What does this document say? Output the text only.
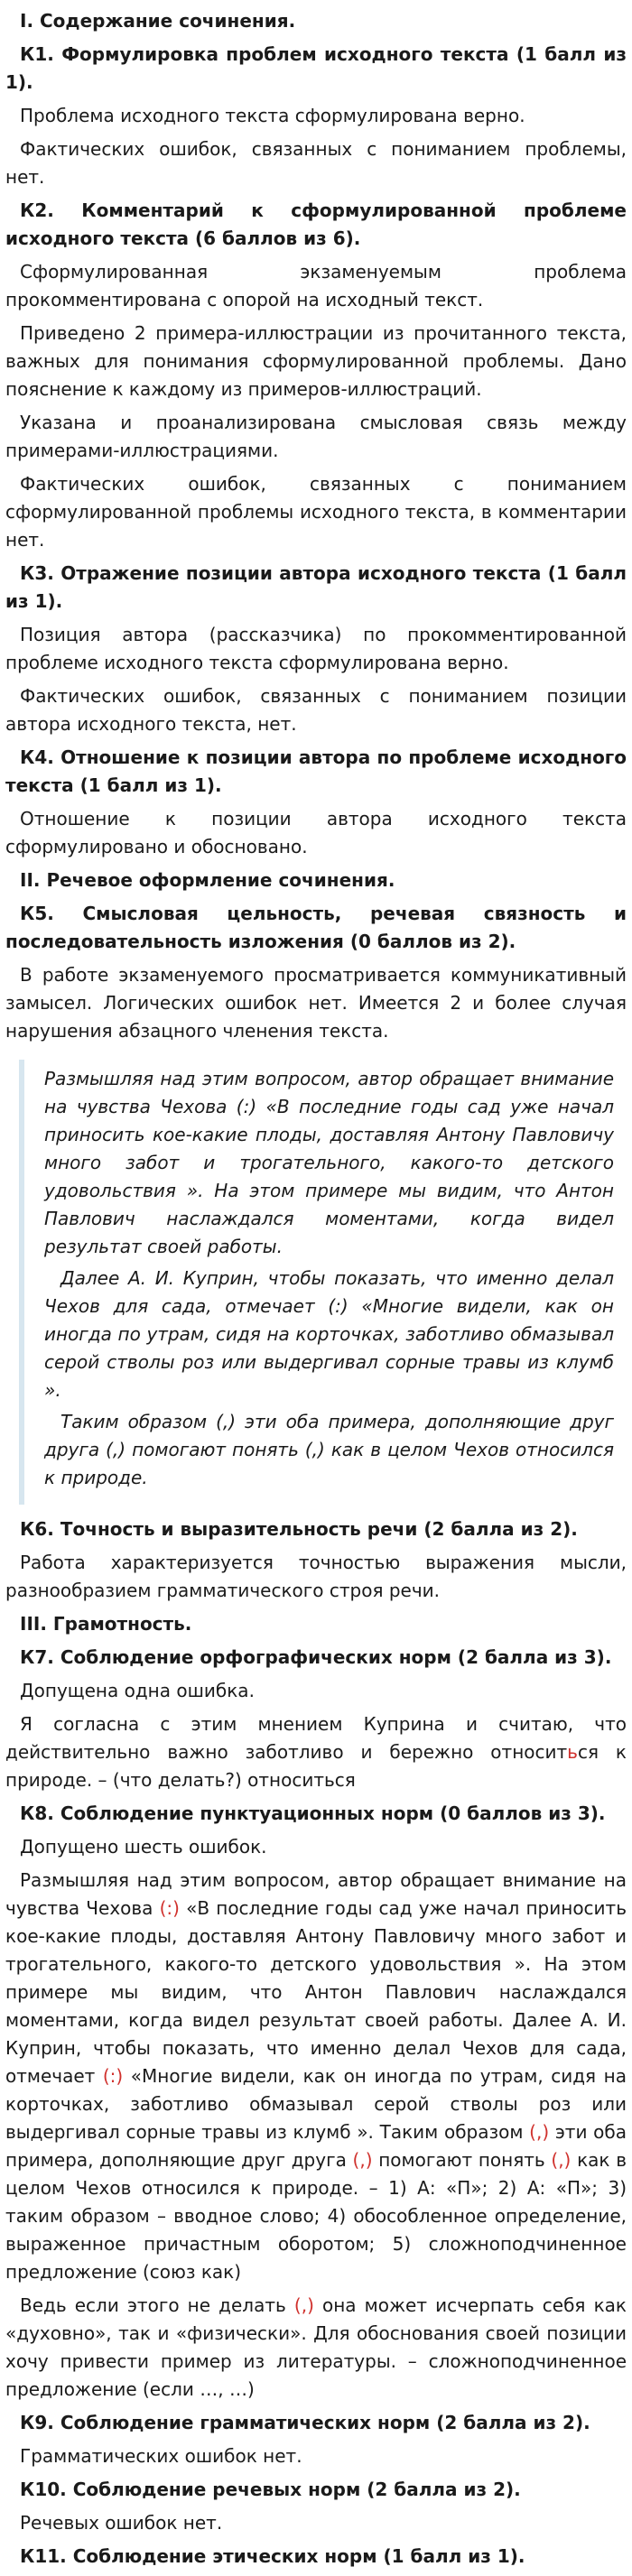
I. Содержание сочинения.
К1. Формулировка проблем исходного текста (1 балл из 1).
Проблема исходного текста сформулирована верно.
Фактических ошибок, связанных с пониманием проблемы, нет.
К2. Комментарий к сформулированной проблеме исходного текста (6 баллов из 6).
Сформулированная экзаменуемым проблема прокомментирована с опорой на исходный текст.
Приведено 2 примера-иллюстрации из прочитанного текста, важных для понимания сформулированной проблемы. Дано пояснение к каждому из примеров-иллюстраций.
Указана и проанализирована смысловая связь между примерами-иллюстрациями.
Фактических ошибок, связанных с пониманием сформулированной проблемы исходного текста, в комментарии нет.
К3. Отражение позиции автора исходного текста (1 балл из 1).
Позиция автора (рассказчика) по прокомментированной проблеме исходного текста сформулирована верно.
Фактических ошибок, связанных с пониманием позиции автора исходного текста, нет.
К4. Отношение к позиции автора по проблеме исходного текста (1 балл из 1).
Отношение к позиции автора исходного текста сформулировано и обосновано.
II. Речевое оформление сочинения.
К5. Смысловая цельность, речевая связность и последовательность изложения (0 баллов из 2).
В работе экзаменуемого просматривается коммуникативный замысел. Логических ошибок нет. Имеется 2 и более случая нарушения абзацного членения текста.
Размышляя над этим вопросом, автор обращает внимание на чувства Чехова (:) «В последние годы сад уже начал приносить кое-какие плоды, доставляя Антону Павловичу много забот и трогательного, какого-то детского удовольствия ». На этом примере мы видим, что Антон Павлович наслаждался моментами, когда видел результат своей работы.
Далее А. И. Куприн, чтобы показать, что именно делал Чехов для сада, отмечает (:) «Многие видели, как он иногда по утрам, сидя на корточках, заботливо обмазывал серой стволы роз или выдергивал сорные травы из клумб ».
Таким образом (,) эти оба примера, дополняющие друг друга (,) помогают понять (,) как в целом Чехов относился к природе.
К6. Точность и выразительность речи (2 балла из 2).
Работа характеризуется точностью выражения мысли, разнообразием грамматического строя речи.
III. Грамотность.
К7. Соблюдение орфографических норм (2 балла из 3).
Допущена одна ошибка.
Я согласна с этим мнением Куприна и считаю, что действительно важно заботливо и бережно относиться к природе. – (что делать?) относиться
К8. Соблюдение пунктуационных норм (0 баллов из 3).
Допущено шесть ошибок.
Размышляя над этим вопросом, автор обращает внимание на чувства Чехова (:) «В последние годы сад уже начал приносить кое-какие плоды, доставляя Антону Павловичу много забот и трогательного, какого-то детского удовольствия ». На этом примере мы видим, что Антон Павлович наслаждался моментами, когда видел результат своей работы. Далее А. И. Куприн, чтобы показать, что именно делал Чехов для сада, отмечает (:) «Многие видели, как он иногда по утрам, сидя на корточках, заботливо обмазывал серой стволы роз или выдергивал сорные травы из клумб ». Таким образом (,) эти оба примера, дополняющие друг друга (,) помогают понять (,) как в целом Чехов относился к природе. – 1) А: «П»; 2) А: «П»; 3) таким образом – вводное слово; 4) обособленное определение, выраженное причастным оборотом; 5) сложноподчиненное предложение (союз как)
Ведь если этого не делать (,) она может исчерпать себя как «духовно», так и «физически». Для обоснования своей позиции хочу привести пример из литературы. – сложноподчиненное предложение (если …, …)
К9. Соблюдение грамматических норм (2 балла из 2).
Грамматических ошибок нет.
К10. Соблюдение речевых норм (2 балла из 2).
Речевых ошибок нет.
К11. Соблюдение этических норм (1 балл из 1).
